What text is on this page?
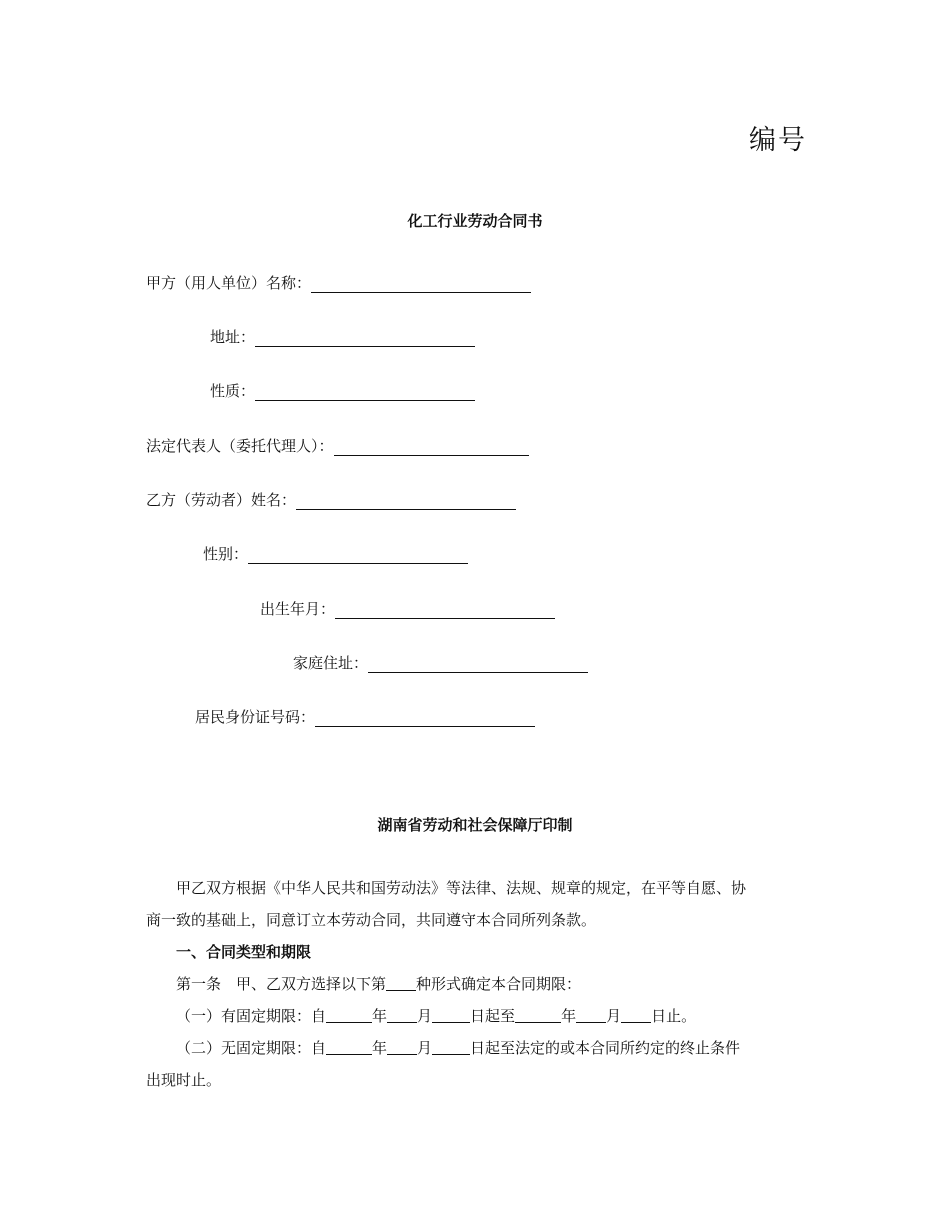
编号
化工行业劳动合同书
甲方（用人单位）名称：
地址：
性质：
法定代表人（委托代理人）：
乙方（劳动者）姓名：
性别：
出生年月：
家庭住址：
居民身份证号码：
湖南省劳动和社会保障厅印制
甲乙双方根据《中华人民共和国劳动法》等法律、法规、规章的规定，在平等自愿、协
商一致的基础上，同意订立本劳动合同，共同遵守本合同所列条款。
一、合同类型和期限
第一条　甲、乙双方选择以下第 种形式确定本合同期限：
（一）有固定期限：自	年 月	日起至	年 月 日止。
（二）无固定期限：自	年 月	日起至法定的或本合同所约定的终止条件
出现时止。
